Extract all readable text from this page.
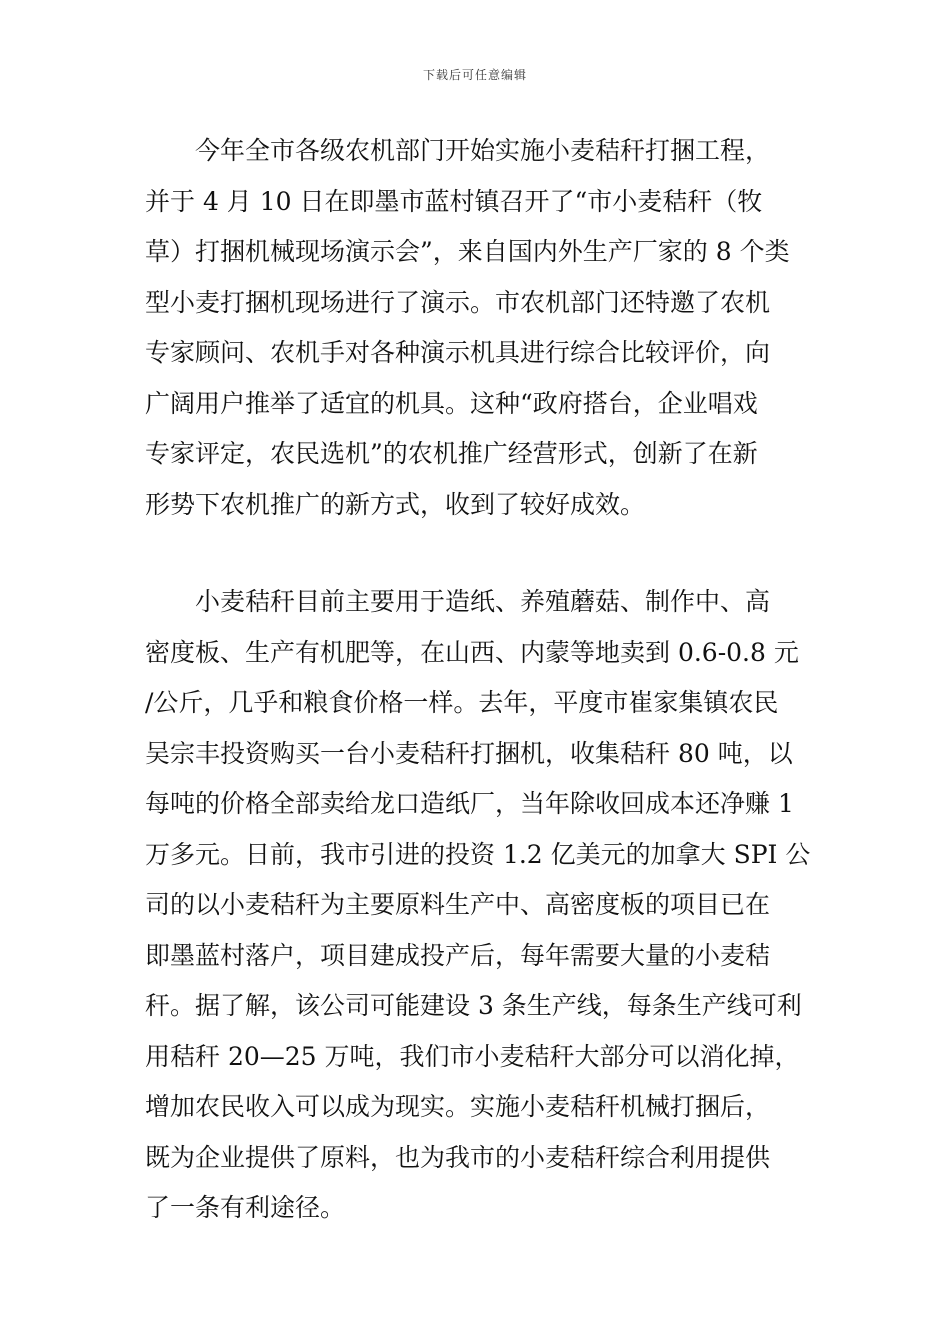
下载后可任意编辑
今年全市各级农机部门开始实施小麦秸秆打捆工程，
并于 4 月 10 日在即墨市蓝村镇召开了“市小麦秸秆（牧
草）打捆机械现场演示会”，来自国内外生产厂家的 8 个类
型小麦打捆机现场进行了演示。市农机部门还特邀了农机
专家顾问、农机手对各种演示机具进行综合比较评价，向
广阔用户推举了适宜的机具。这种“政府搭台，企业唱戏
专家评定，农民选机”的农机推广经营形式，创新了在新
形势下农机推广的新方式，收到了较好成效。
小麦秸秆目前主要用于造纸、养殖蘑菇、制作中、高
密度板、生产有机肥等，在山西、内蒙等地卖到 0.6-0.8 元
/公斤，几乎和粮食价格一样。去年，平度市崔家集镇农民
吴宗丰投资购买一台小麦秸秆打捆机，收集秸秆 80 吨，以
每吨的价格全部卖给龙口造纸厂，当年除收回成本还净赚 1
万多元。日前，我市引进的投资 1.2 亿美元的加拿大 SPI 公
司的以小麦秸秆为主要原料生产中、高密度板的项目已在
即墨蓝村落户，项目建成投产后，每年需要大量的小麦秸
秆。据了解，该公司可能建设 3 条生产线，每条生产线可利
用秸秆 20—25 万吨，我们市小麦秸秆大部分可以消化掉，
增加农民收入可以成为现实。实施小麦秸秆机械打捆后，
既为企业提供了原料，也为我市的小麦秸秆综合利用提供
了一条有利途径。
